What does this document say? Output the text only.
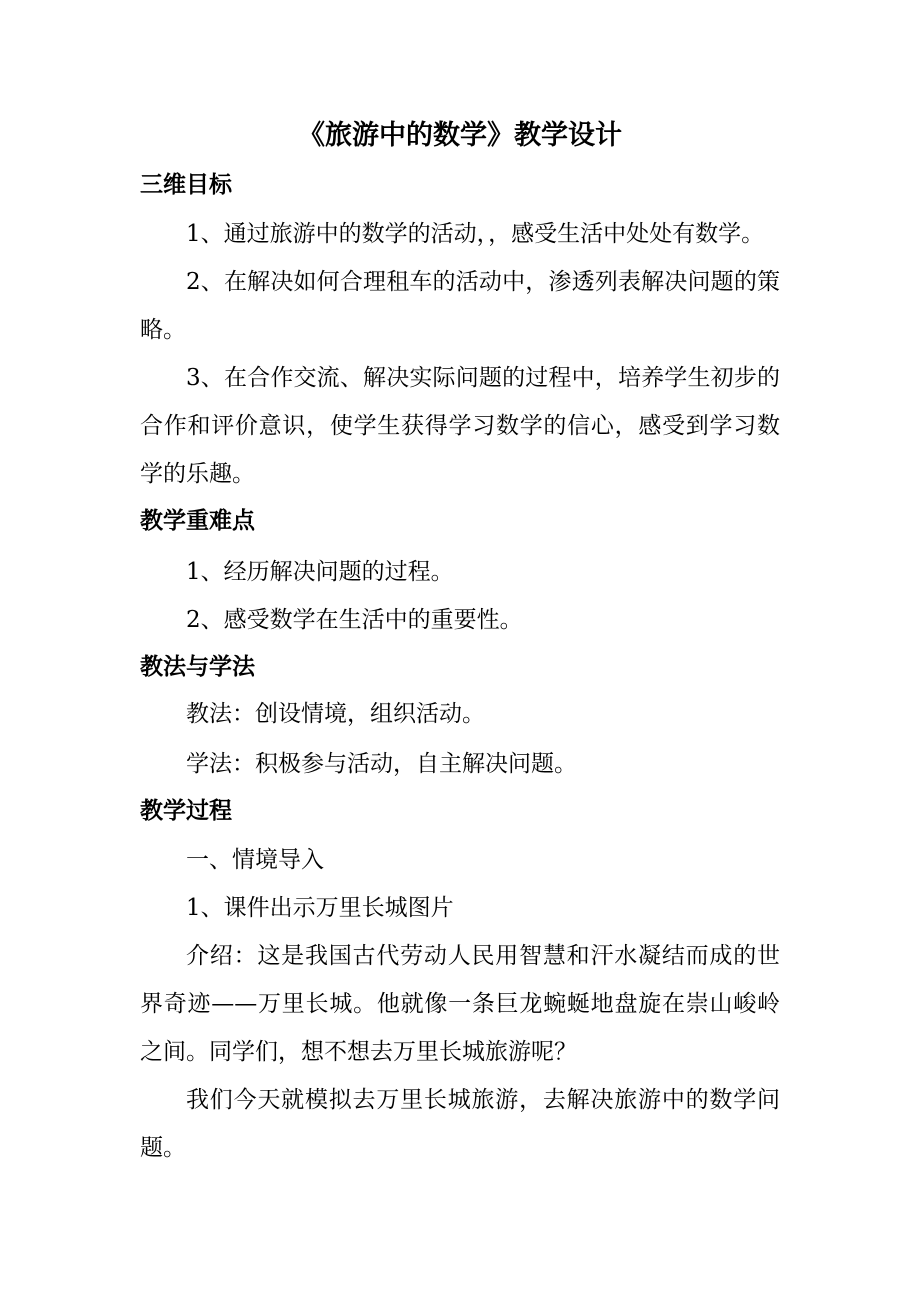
《旅游中的数学》教学设计
三维目标
1、通过旅游中的数学的活动，，感受生活中处处有数学。
2、在解决如何合理租车的活动中，渗透列表解决问题的策略。
3、在合作交流、解决实际问题的过程中，培养学生初步的合作和评价意识，使学生获得学习数学的信心，感受到学习数学的乐趣。
教学重难点
1、经历解决问题的过程。
2、感受数学在生活中的重要性。
教法与学法
教法：创设情境，组织活动。
学法：积极参与活动，自主解决问题。
教学过程
一、情境导入
1、课件出示万里长城图片
介绍：这是我国古代劳动人民用智慧和汗水凝结而成的世界奇迹——万里长城。他就像一条巨龙蜿蜒地盘旋在崇山峻岭之间。同学们，想不想去万里长城旅游呢？
我们今天就模拟去万里长城旅游，去解决旅游中的数学问题。
